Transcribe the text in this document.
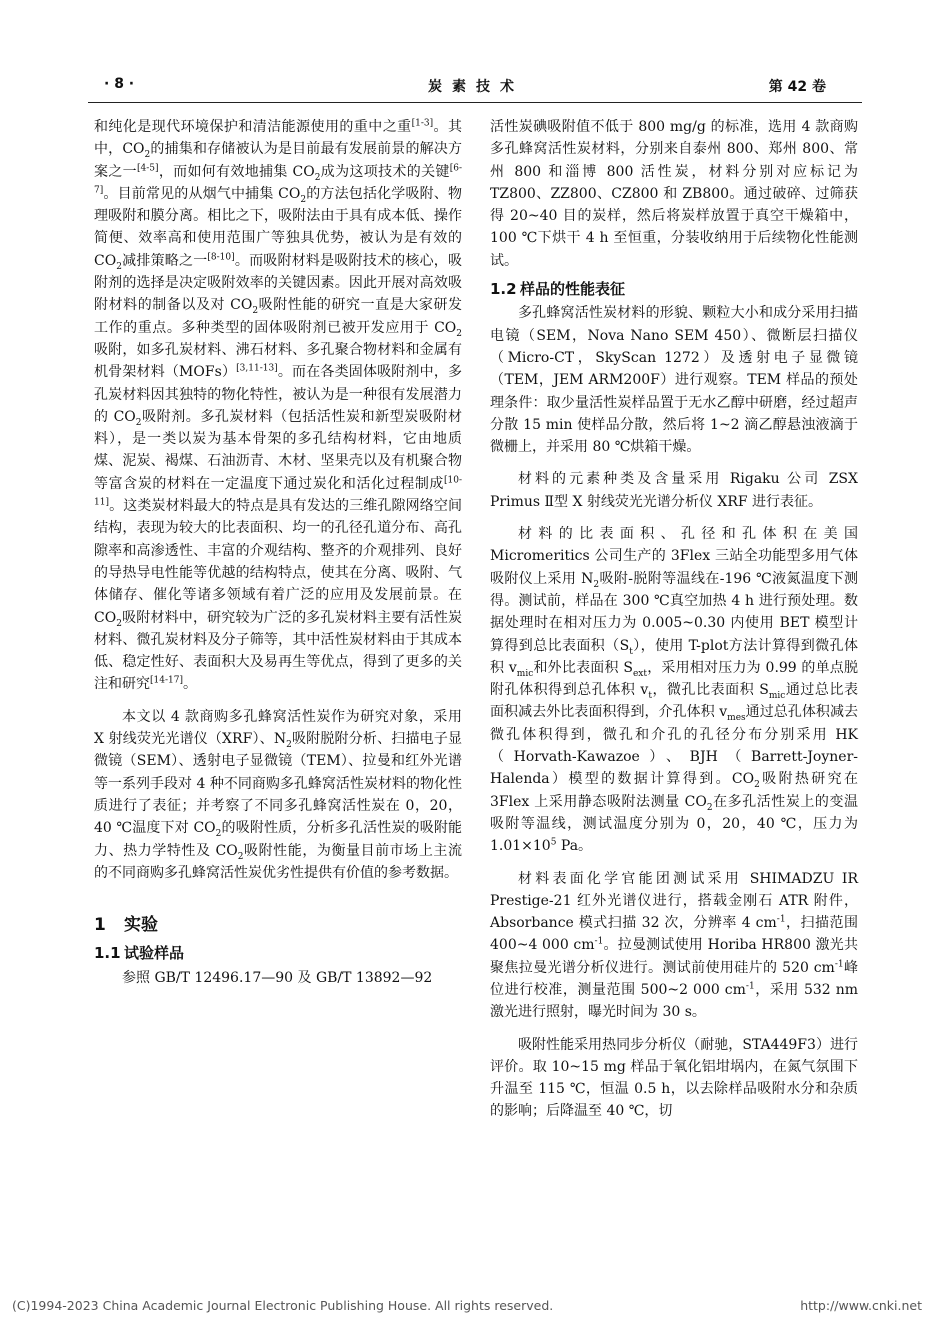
· 8 ·	炭素技术	第 42 卷

和纯化是现代环境保护和清洁能源使用的重中之重[1-3]。其中，$CO_2$的捕集和存储被认为是目前最有发展前景的解决方案之一[4-5]，而如何有效地捕集 $CO_2$成为这项技术的关键[6-7]。目前常见的从烟气中捕集 $CO_2$的方法包括化学吸附、物理吸附和膜分离。相比之下，吸附法由于具有成本低、操作简便、效率高和使用范围广等独具优势，被认为是有效的 $CO_2$减排策略之一[8-10]。而吸附材料是吸附技术的核心，吸附剂的选择是决定吸附效率的关键因素。因此开展对高效吸附材料的制备以及对 $CO_2$吸附性能的研究一直是大家研发工作的重点。多种类型的固体吸附剂已被开发应用于 $CO_2$吸附，如多孔炭材料、沸石材料、多孔聚合物材料和金属有机骨架材料（MOFs）[3,11-13]。而在各类固体吸附剂中，多孔炭材料因其独特的物化特性，被认为是一种很有发展潜力的 $CO_2$吸附剂。多孔炭材料（包括活性炭和新型炭吸附材料），是一类以炭为基本骨架的多孔结构材料，它由地质煤、泥炭、褐煤、石油沥青、木材、坚果壳以及有机聚合物等富含炭的材料在一定温度下通过炭化和活化过程制成[10-11]。这类炭材料最大的特点是具有发达的三维孔隙网络空间结构，表现为较大的比表面积、均一的孔径孔道分布、高孔隙率和高渗透性、丰富的介观结构、整齐的介观排列、良好的导热导电性能等优越的结构特点，使其在分离、吸附、气体储存、催化等诸多领域有着广泛的应用及发展前景。在 $CO_2$吸附材料中，研究较为广泛的多孔炭材料主要有活性炭材料、微孔炭材料及分子筛等，其中活性炭材料由于其成本低、稳定性好、表面积大及易再生等优点，得到了更多的关注和研究[14-17]。

本文以 4 款商购多孔蜂窝活性炭作为研究对象，采用 X 射线荧光光谱仪（XRF）、$N_2$吸附脱附分析、扫描电子显微镜（SEM）、透射电子显微镜（TEM）、拉曼和红外光谱等一系列手段对 4 种不同商购多孔蜂窝活性炭材料的物化性质进行了表征；并考察了不同多孔蜂窝活性炭在 0，20，40 ℃温度下对 $CO_2$的吸附性质，分析多孔活性炭的吸附能力、热力学特性及 $CO_2$吸附性能，为衡量目前市场上主流的不同商购多孔蜂窝活性炭优劣性提供有价值的参考数据。

1 实验
1.1 试验样品

参照 GB/T 12496.17—90 及 GB/T 13892—92

活性炭碘吸附值不低于 800 mg/g 的标准，选用 4 款商购多孔蜂窝活性炭材料，分别来自泰州 800、郑州 800、常州 800 和淄博 800 活性炭，材料分别对应标记为 TZ800、ZZ800、CZ800 和 ZB800。通过破碎、过筛获得 20~40 目的炭样，然后将炭样放置于真空干燥箱中，100 ℃下烘干 4 h 至恒重，分装收纳用于后续物化性能测试。

1.2 样品的性能表征

多孔蜂窝活性炭材料的形貌、颗粒大小和成分采用扫描电镜（SEM，Nova Nano SEM 450）、微断层扫描仪（Micro-CT，SkyScan 1272）及透射电子显微镜（TEM，JEM ARM200F）进行观察。TEM 样品的预处理条件：取少量活性炭样品置于无水乙醇中研磨，经过超声分散 15 min 使样品分散，然后将 1~2 滴乙醇悬浊液滴于微栅上，并采用 80 ℃烘箱干燥。

材料的元素种类及含量采用 Rigaku 公司 ZSX Primus Ⅱ型 X 射线荧光光谱分析仪 XRF 进行表征。

材料的比表面积、孔径和孔体积在美国 Micromeritics 公司生产的 3Flex 三站全功能型多用气体吸附仪上采用 $N_2$吸附-脱附等温线在-196 ℃液氮温度下测得。测试前，样品在 300 ℃真空加热 4 h 进行预处理。数据处理时在相对压力为 0.005~0.30 内使用 BET 模型计算得到总比表面积$(S_t)$，使用 T-plot方法计算得到微孔体积 $v_{mic}$和外比表面积 $S_{ext}$，采用相对压力为 0.99 的单点脱附孔体积得到总孔体积 $v_t$，微孔比表面积 $S_{mic}$通过总比表面积减去外比表面积得到，介孔体积 $v_{mes}$通过总孔体积减去微孔体积得到，微孔和介孔的孔径分布分别采用 HK（Horvath-Kawazoe）、BJH（Barrett-Joyner-Halenda）模型的数据计算得到。$CO_2$吸附热研究在 3Flex 上采用静态吸附法测量 $CO_2$在多孔活性炭上的变温吸附等温线，测试温度分别为 0，20，40 ℃，压力为 $1.01\times 10^5$ Pa。

材料表面化学官能团测试采用 SHIMADZU IR Prestige-21 红外光谱仪进行，搭载金刚石 ATR 附件，Absorbance 模式扫描 32 次，分辨率 4 $cm^{-1}$，扫描范围 400~4 000 $cm^{-1}$。拉曼测试使用 Horiba HR800 激光共聚焦拉曼光谱分析仪进行。测试前使用硅片的 520 $cm^{-1}$峰位进行校准，测量范围 500~2 000 $cm^{-1}$，采用 532 nm 激光进行照射，曝光时间为 30 s。

吸附性能采用热同步分析仪（耐驰，STA449F3）进行评价。取 10~15 mg 样品于氧化铝坩埚内，在氮气氛围下升温至 115 ℃，恒温 0.5 h，以去除样品吸附水分和杂质的影响；后降温至 40 ℃，切

(C)1994-2023 China Academic Journal Electronic Publishing House. All rights reserved.	http://www.cnki.net
